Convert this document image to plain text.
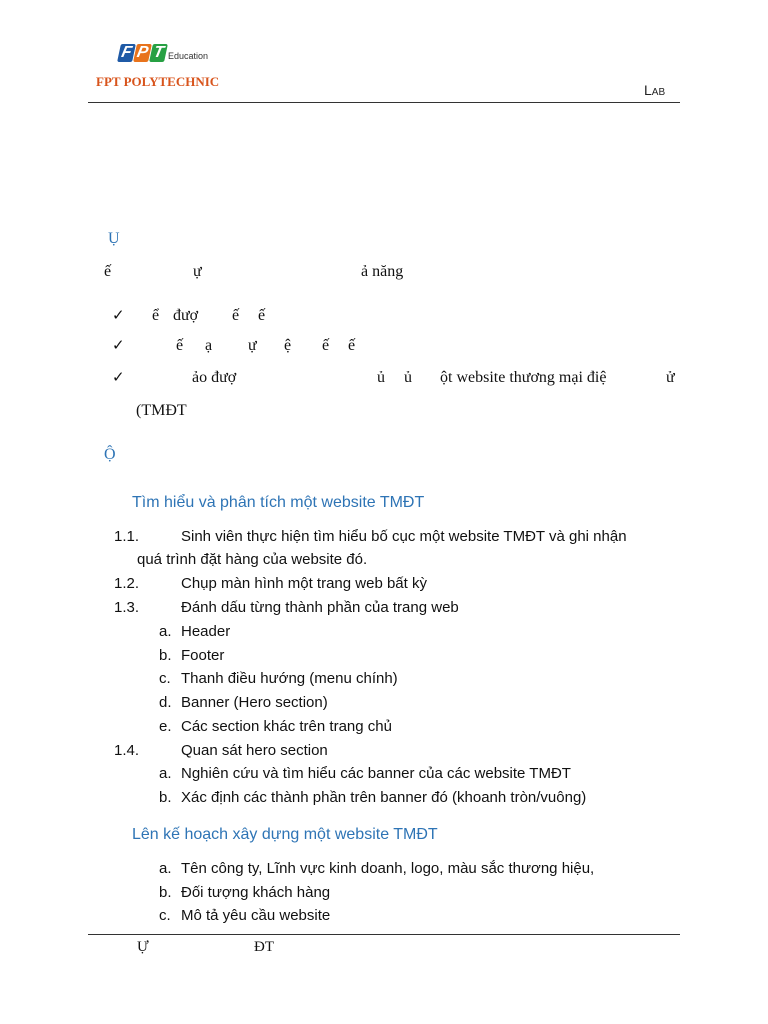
F P T Education
FPT POLYTECHNIC
Lab
Ụ
ế	ự	ả năng
✓ ể đượ ế ế
✓	ế ạ ự ệ ế ế
✓	ảo đượ	ủ ủ ột website thương mại điệ	ử
(TMĐT
Ộ
Tìm hiểu và phân tích một website TMĐT
1.1.	Sinh viên thực hiện tìm hiểu bố cục một website TMĐT và ghi nhận
quá trình đặt hàng của website đó.
1.2.	Chụp màn hình một trang web bất kỳ
1.3.	Đánh dấu từng thành phần của trang web
a. Header
b. Footer
c. Thanh điều hướng (menu chính)
d. Banner (Hero section)
e. Các section khác trên trang chủ
1.4.	Quan sát hero section
a. Nghiên cứu và tìm hiểu các banner của các website TMĐT
b. Xác định các thành phần trên banner đó (khoanh tròn/vuông)
Lên kế hoạch xây dựng một website TMĐT
a. Tên công ty, Lĩnh vực kinh doanh, logo, màu sắc thương hiệu,
b. Đối tượng khách hàng
c. Mô tả yêu cầu website
Ự	ĐT
